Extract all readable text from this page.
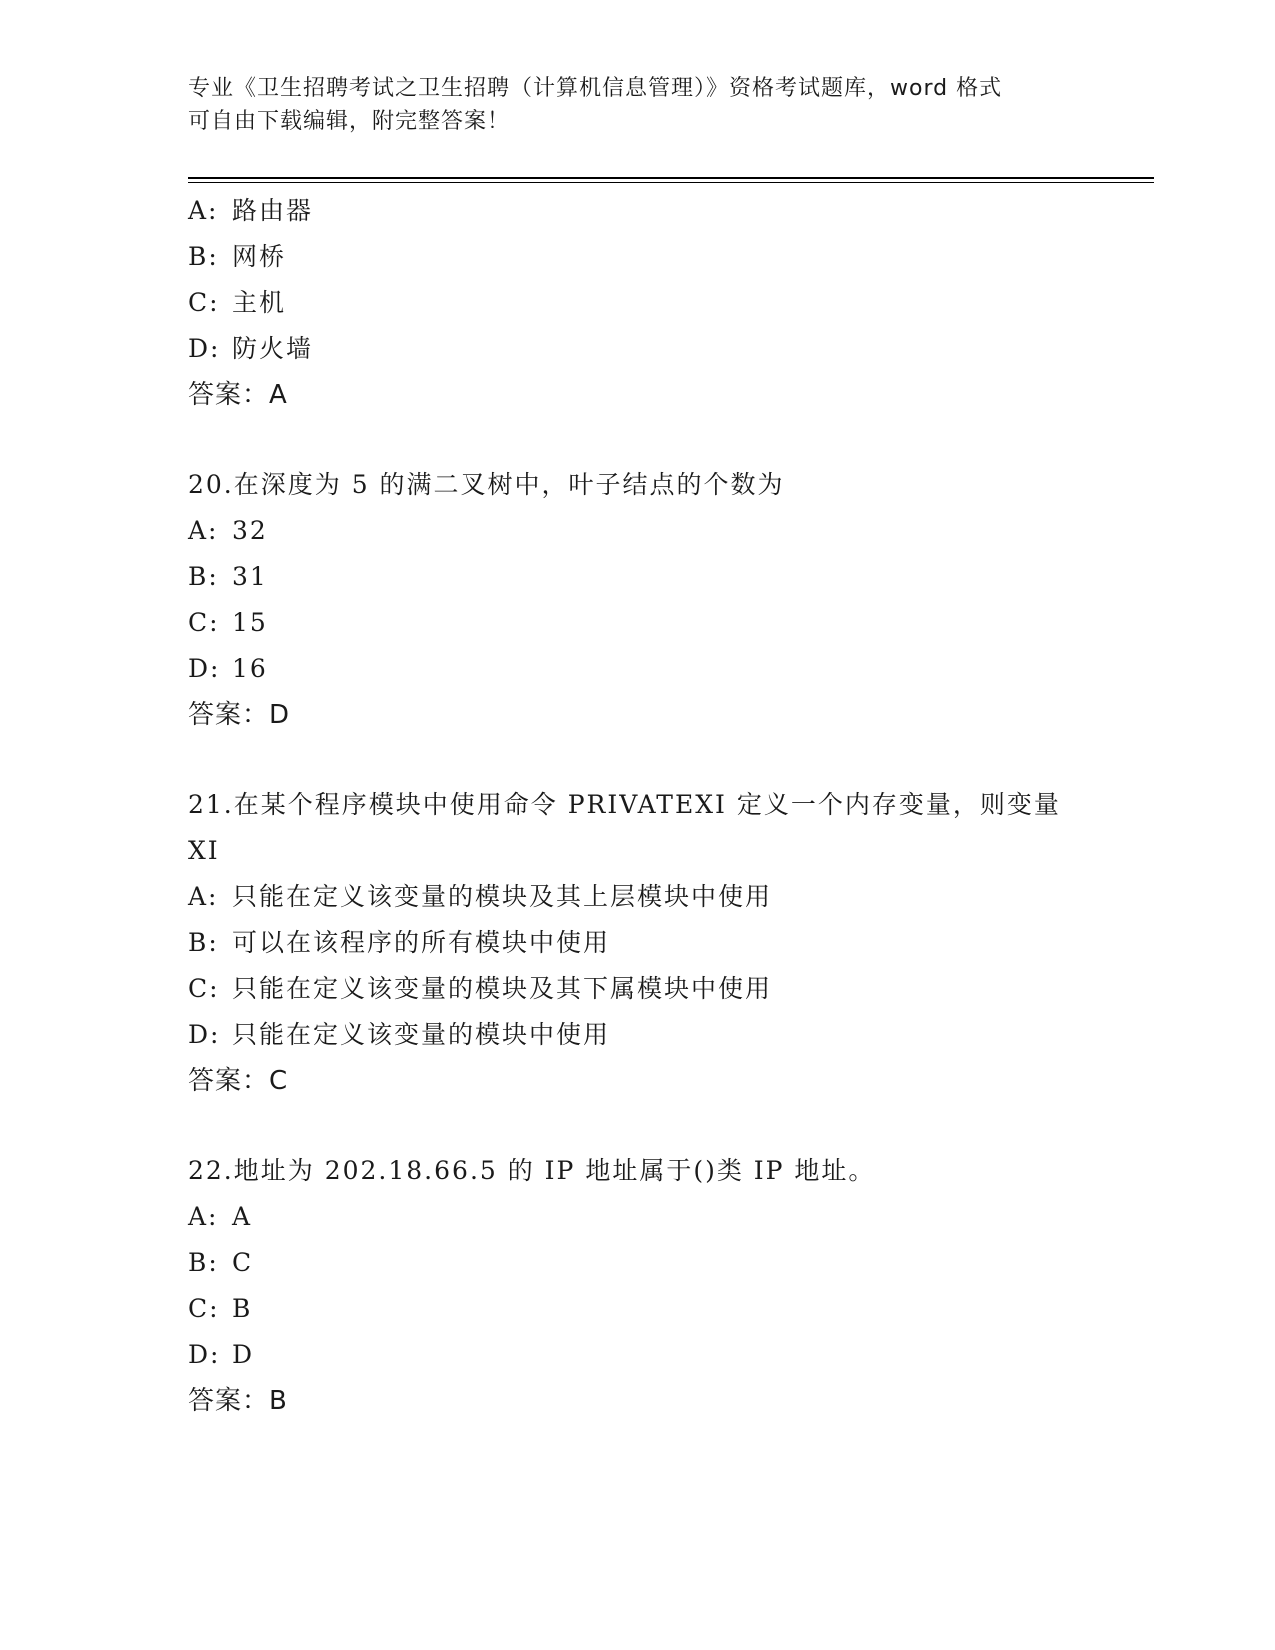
专业《卫生招聘考试之卫生招聘（计算机信息管理）》资格考试题库，word 格式
可自由下载编辑，附完整答案！
A: 路由器
B: 网桥
C: 主机
D: 防火墙
答案：A
20.在深度为 5 的满二叉树中，叶子结点的个数为
A: 32
B: 31
C: 15
D: 16
答案：D
21.在某个程序模块中使用命令 PRIVATEXI 定义一个内存变量，则变量
XI
A: 只能在定义该变量的模块及其上层模块中使用
B: 可以在该程序的所有模块中使用
C: 只能在定义该变量的模块及其下属模块中使用
D: 只能在定义该变量的模块中使用
答案：C
22.地址为 202.18.66.5 的 IP 地址属于()类 IP 地址。
A: A
B: C
C: B
D: D
答案：B
